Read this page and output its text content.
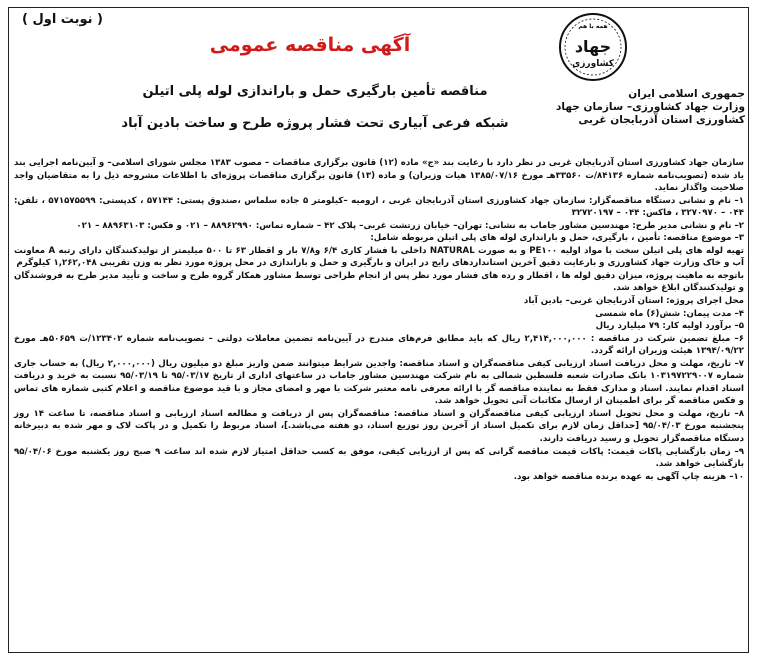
( نوبت اول )	همه با هم
جهاد
کشاورزی
جمهوری اسلامی ایران
وزارت جهاد کشاورزی– سازمان جهاد
کشاورزی استان آذربایجان غربی
آگهی مناقصه عمومی
مناقصه تأمین بارگیری حمل و باراندازی لوله پلی اتیلن
شبکه فرعی آبیاری تحت فشار پروژه طرح و ساخت بادین آباد

سازمان جهاد کشاورزی استان آذربایجان غربی در نظر دارد با رعایت بند «ج» ماده (۱۲) قانون برگزاری مناقصات – مصوب ۱۳۸۳ مجلس شورای اسلامی– و آیین‌نامه اجرایی بند یاد شده (تصویب‌نامه شماره ۸۴۱۳۶/ت ۳۳۵۶۰هـ مورخ ۱۳۸۵/۰۷/۱۶ هیات وزیران) و ماده (۱۳) قانون برگزاری مناقصات پروژه‌ای با اطلاعات مشروحه ذیل را به متقاضیان واجد صلاحیت واگذار نماید.

۱– نام و نشانی دستگاه مناقصه‌گزار: سازمان جهاد کشاورزی استان آذربایجان غربی ، ارومیه –کیلومتر ۵ جاده سلماس ،صندوق پستی: ۵۷۱۴۴ ، کدپستی: ۵۷۱۵۷۵۵۹۹ ، تلفن: ۰۴۴ – ۳۲۷۰۹۷۰ ، فاکس: ۰۴۴ – ۳۲۷۲۰۱۹۷

۲– نام و نشانی مدیر طرح: مهندسین مشاور جاماب به نشانی: تهران– خیابان زرتشت غربی– پلاک ۴۲ – شماره تماس: ۸۸۹۶۲۹۹۰ – ۰۲۱ و فکس: ۸۸۹۶۳۱۰۳ – ۰۲۱

۳– موضوع مناقصه: تأمین ، بارگیری، حمل و بارانداری لوله های پلی اتیلن مربوطه شامل:

تهیه لوله های پلی اتیلن سخت با مواد اولیه PE۱۰۰ و به صورت NATURAL داخلی با فشار کاری ۶/۴ و۷/۸ بار و اقطار ۶۳ تا ۵۰۰ میلیمتر از تولیدکنندگان دارای رتبه A معاونت آب و خاک وزارت جهاد کشاورزی و بارعایت دقیق آخرین استانداردهای رایج در ایران و بارگیری و حمل و باراندازی در محل پروژه مورد نظر به وزن تقریبی ۱,۲۶۲,۰۴۸ کیلوگرم

باتوجه به ماهیت پروژه، میزان دقیق لوله ها ، اقطار و رده های فشار مورد نظر پس از انجام طراحی توسط مشاور همکار گروه طرح و ساخت و تأیید مدیر طرح به فروشندگان و تولیدکنندگان ابلاغ خواهد شد.

محل اجرای پروژه: استان آذربایجان غربی– بادین آباد

۴– مدت پیمان: شش(۶) ماه شمسی

۵– برآورد اولیه کار: ۷۹ میلیارد ریال

۶– مبلغ تضمین شرکت در مناقصه : ۲,۴۱۴,۰۰۰,۰۰۰ ریال که باید مطابق فرم‌های مندرج در آیین‌نامه تضمین معاملات دولتی – تصویب‌نامه شماره ۱۲۳۴۰۲/ت ۵۰۶۵۹هـ مورخ ۱۳۹۴/۰۹/۲۲ هیئت وزیران ارائه گردد.

۷– تاریخ، مهلت و محل دریافت اسناد ارزیابی کیفی مناقصه‌گران و اسناد مناقصه: واجدین شرایط میتوانند ضمن واریز مبلغ دو میلیون ریال (۲,۰۰۰,۰۰۰ ریال) به حساب جاری شماره ۱۰۳۱۹۷۲۲۹۰۰۷ بانک صادرات شعبه فلسطین شمالی به نام شرکت مهندسین مشاور جاماب در ساعتهای اداری از تاریخ ۹۵/۰۳/۱۷ تا ۹۵/۰۳/۱۹ نسبت به خرید و دریافت اسناد اقدام نمایند. اسناد و مدارک فقط به نماینده مناقصه گر با ارائه معرفی نامه معتبر شرکت با مهر و امضای مجاز و با قید موضوع مناقصه و اعلام کتبی شماره های تماس و فکس مناقصه گر برای اطمینان از ارسال مکاتبات آتی تحویل خواهد شد.

۸– تاریخ، مهلت و محل تحویل اسناد ارزیابی کیفی مناقصه‌گران و اسناد مناقصه: مناقصه‌گران پس از دریافت و مطالعه اسناد ارزیابی و اسناد مناقصه، تا ساعت ۱۴ روز پنجشنبه مورخ ۹۵/۰۴/۰۳ [حداقل زمان لازم برای تکمیل اسناد از آخرین روز توزیع اسناد، دو هفته می‌باشد.]، اسناد مربوط را تکمیل و در پاکت لاک و مهر شده به دبیرخانه دستگاه مناقصه‌گزار تحویل و رسید دریافت دارند.

۹– زمان بازگشایی پاکات قیمت: پاکات قیمت مناقصه گرانی که پس از ارزیابی کیفی، موفق به کسب حداقل امتیاز لازم شده اند ساعت ۹ صبح روز یکشنبه مورخ ۹۵/۰۴/۰۶ بازگشایی خواهد شد.

۱۰– هزینه چاپ آگهی به عهده برنده مناقصه خواهد بود.
